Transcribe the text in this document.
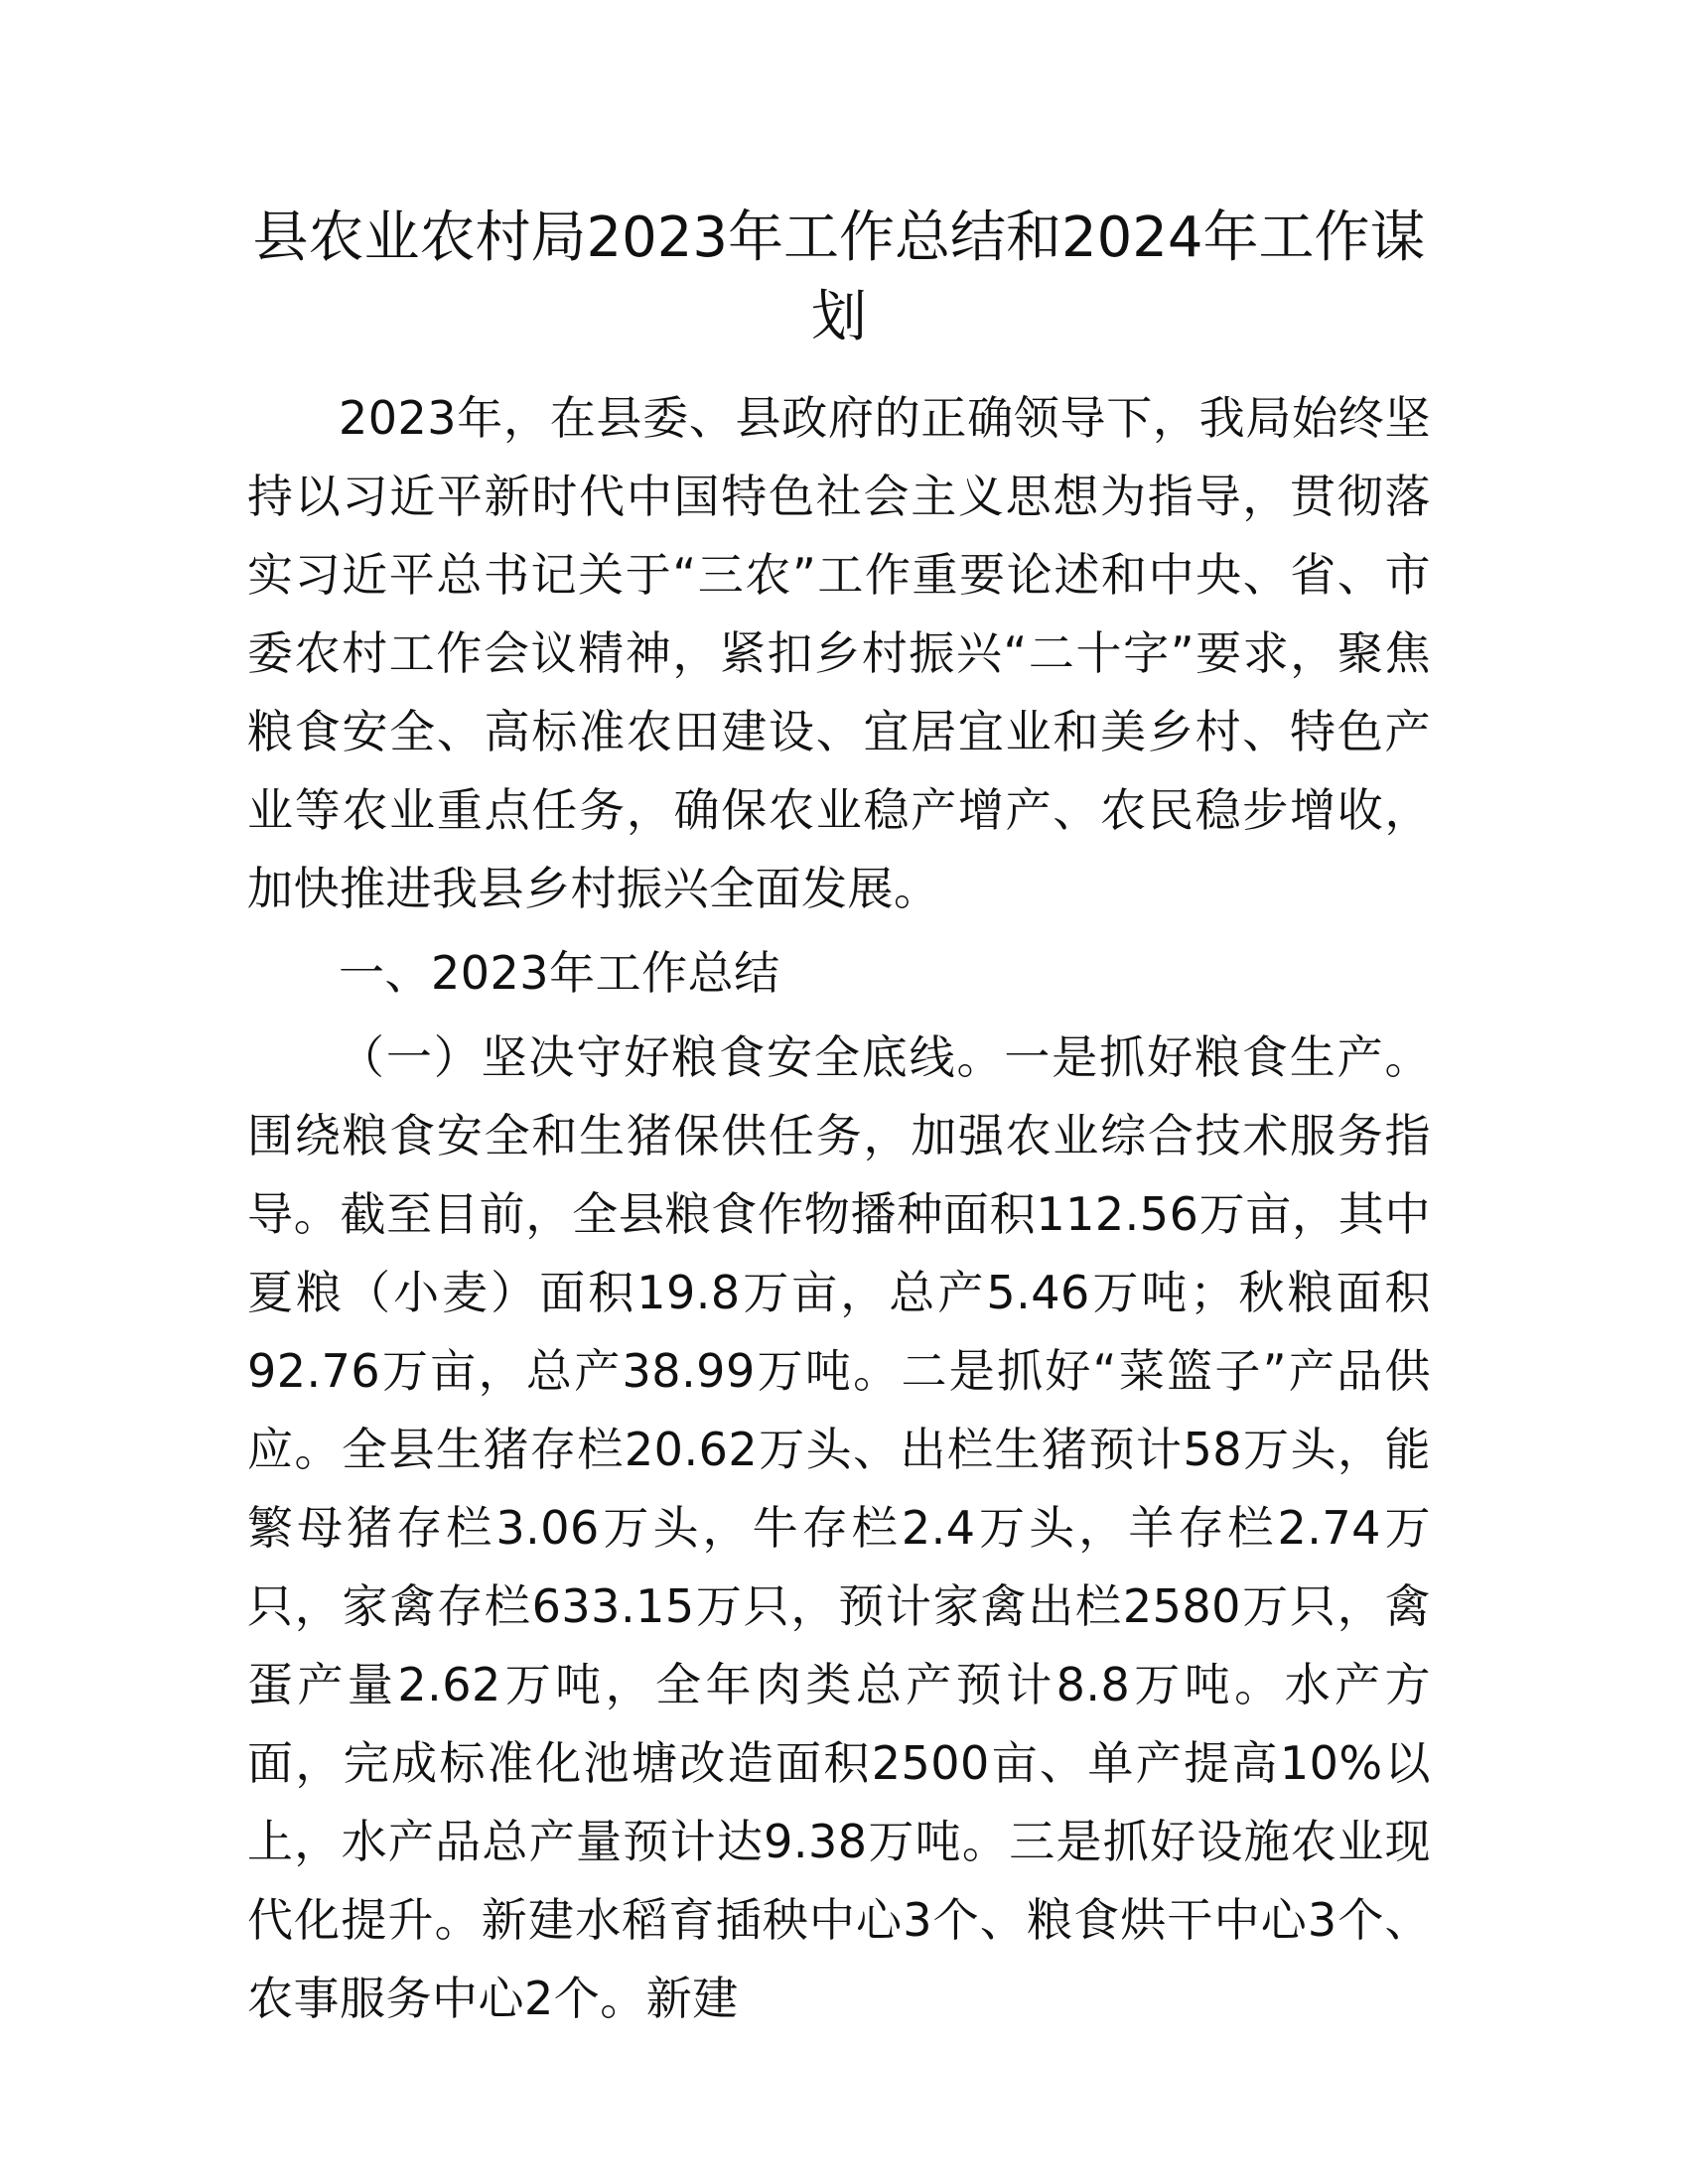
县农业农村局2023年工作总结和2024年工作谋划

2023年，在县委、县政府的正确领导下，我局始终坚持以习近平新时代中国特色社会主义思想为指导，贯彻落实习近平总书记关于“三农”工作重要论述和中央、省、市委农村工作会议精神，紧扣乡村振兴“二十字”要求，聚焦粮食安全、高标准农田建设、宜居宜业和美乡村、特色产业等农业重点任务，确保农业稳产增产、农民稳步增收，加快推进我县乡村振兴全面发展。

一、2023年工作总结

（一）坚决守好粮食安全底线。一是抓好粮食生产。围绕粮食安全和生猪保供任务，加强农业综合技术服务指导。截至目前，全县粮食作物播种面积112.56万亩，其中夏粮（小麦）面积19.8万亩，总产5.46万吨；秋粮面积92.76万亩，总产38.99万吨。二是抓好“菜篮子”产品供应。全县生猪存栏20.62万头、出栏生猪预计58万头，能繁母猪存栏3.06万头，牛存栏2.4万头，羊存栏2.74万只，家禽存栏633.15万只，预计家禽出栏2580万只，禽蛋产量2.62万吨，全年肉类总产预计8.8万吨。水产方面，完成标准化池塘改造面积2500亩、单产提高10%以上，水产品总产量预计达9.38万吨。三是抓好设施农业现代化提升。新建水稻育插秧中心3个、粮食烘干中心3个、农事服务中心2个。新建
